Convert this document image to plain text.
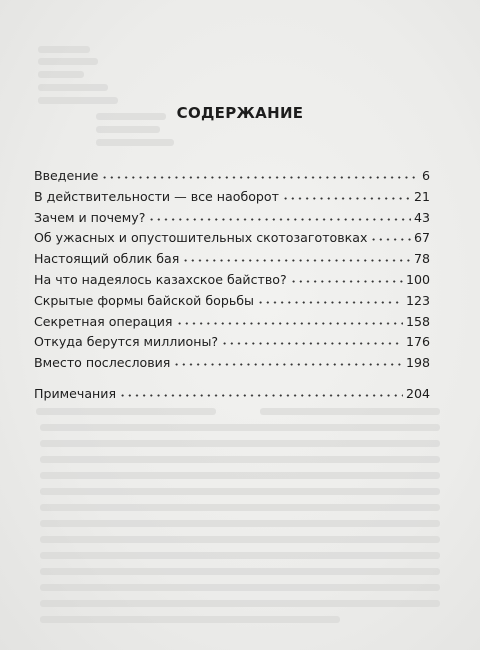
СОДЕРЖАНИЕ
Введение	6
В действительности — все наоборот	21
Зачем и почему?	43
Об ужасных и опустошительных скотозаготовках	67
Настоящий облик бая	78
На что надеялось казахское байство?	100
Скрытые формы байской борьбы	123
Секретная операция	158
Откуда берутся миллионы?	176
Вместо послесловия	198
Примечания	204
